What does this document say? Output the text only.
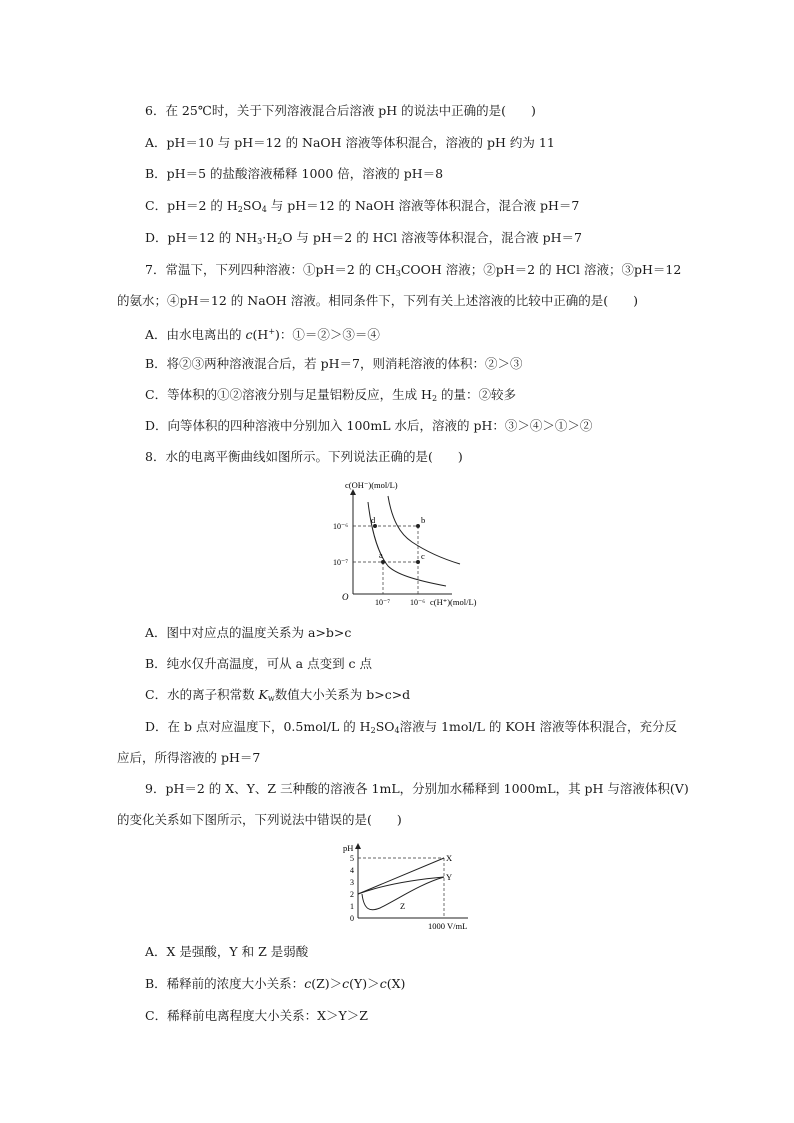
6．在 25℃时，关于下列溶液混合后溶液 pH 的说法中正确的是(　　)
A．pH＝10 与 pH＝12 的 NaOH 溶液等体积混合，溶液的 pH 约为 11
B．pH＝5 的盐酸溶液稀释 1000 倍，溶液的 pH＝8
C．pH＝2 的 $H_2SO_4$ 与 pH＝12 的 NaOH 溶液等体积混合，混合液 pH＝7
D．pH＝12 的 $NH_3\cdot H_2O$ 与 pH＝2 的 HCl 溶液等体积混合，混合液 pH＝7
7．常温下，下列四种溶液：①pH＝2 的 $CH_3COOH$ 溶液；②pH＝2 的 HCl 溶液；③pH＝12
的氨水；④pH＝12 的 NaOH 溶液。相同条件下，下列有关上述溶液的比较中正确的是(　　)
A．由水电离出的 c(H+)：①＝②＞③＝④
B．将②③两种溶液混合后，若 pH＝7，则消耗溶液的体积：②＞③
C．等体积的①②溶液分别与足量铝粉反应，生成 $H_2$ 的量：②较多
D．向等体积的四种溶液中分别加入 100mL 水后，溶液的 pH：③＞④＞①＞②
8．水的电离平衡曲线如图所示。下列说法正确的是(　　)
c(OH⁻)(mol/L)
10⁻⁶
10⁻⁷
O
10⁻⁷ 10⁻⁶ c(H⁺)(mol/L)
d	b
a	c
A．图中对应点的温度关系为 a>b>c
B．纯水仅升高温度，可从 a 点变到 c 点
C．水的离子积常数 $K_w$数值大小关系为 b>c>d
D．在 b 点对应温度下，0.5mol/L 的 $H_2SO_4$溶液与 1mol/L 的 KOH 溶液等体积混合，充分反
应后，所得溶液的 pH＝7
9．pH＝2 的 X、Y、Z 三种酸的溶液各 1mL，分别加水稀释到 1000mL，其 pH 与溶液体积(V)
的变化关系如下图所示，下列说法中错误的是(　　)
pH
5
4
3
2
1
0
X
Y
Z
1000 V/mL
A．X 是强酸，Y 和 Z 是弱酸
B．稀释前的浓度大小关系：c(Z)＞c(Y)＞c(X)
C．稀释前电离程度大小关系：X＞Y＞Z
